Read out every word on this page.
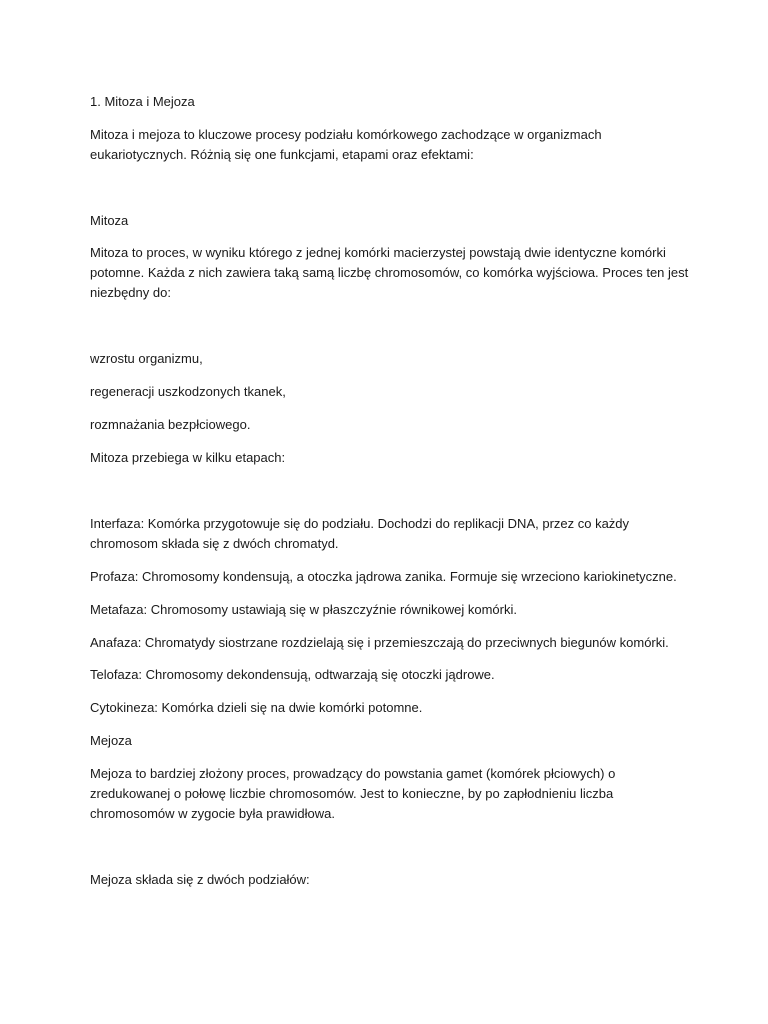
1. Mitoza i Mejoza

Mitoza i mejoza to kluczowe procesy podziału komórkowego zachodzące w organizmach eukariotycznych. Różnią się one funkcjami, etapami oraz efektami:

Mitoza

Mitoza to proces, w wyniku którego z jednej komórki macierzystej powstają dwie identyczne komórki potomne. Każda z nich zawiera taką samą liczbę chromosomów, co komórka wyjściowa. Proces ten jest niezbędny do:

wzrostu organizmu,

regeneracji uszkodzonych tkanek,

rozmnażania bezpłciowego.

Mitoza przebiega w kilku etapach:

Interfaza: Komórka przygotowuje się do podziału. Dochodzi do replikacji DNA, przez co każdy chromosom składa się z dwóch chromatyd.

Profaza: Chromosomy kondensują, a otoczka jądrowa zanika. Formuje się wrzeciono kariokinetyczne.

Metafaza: Chromosomy ustawiają się w płaszczyźnie równikowej komórki.

Anafaza: Chromatydy siostrzane rozdzielają się i przemieszczają do przeciwnych biegunów komórki.

Telofaza: Chromosomy dekondensują, odtwarzają się otoczki jądrowe.

Cytokineza: Komórka dzieli się na dwie komórki potomne.

Mejoza

Mejoza to bardziej złożony proces, prowadzący do powstania gamet (komórek płciowych) o zredukowanej o połowę liczbie chromosomów. Jest to konieczne, by po zapłodnieniu liczba chromosomów w zygocie była prawidłowa.

Mejoza składa się z dwóch podziałów:
